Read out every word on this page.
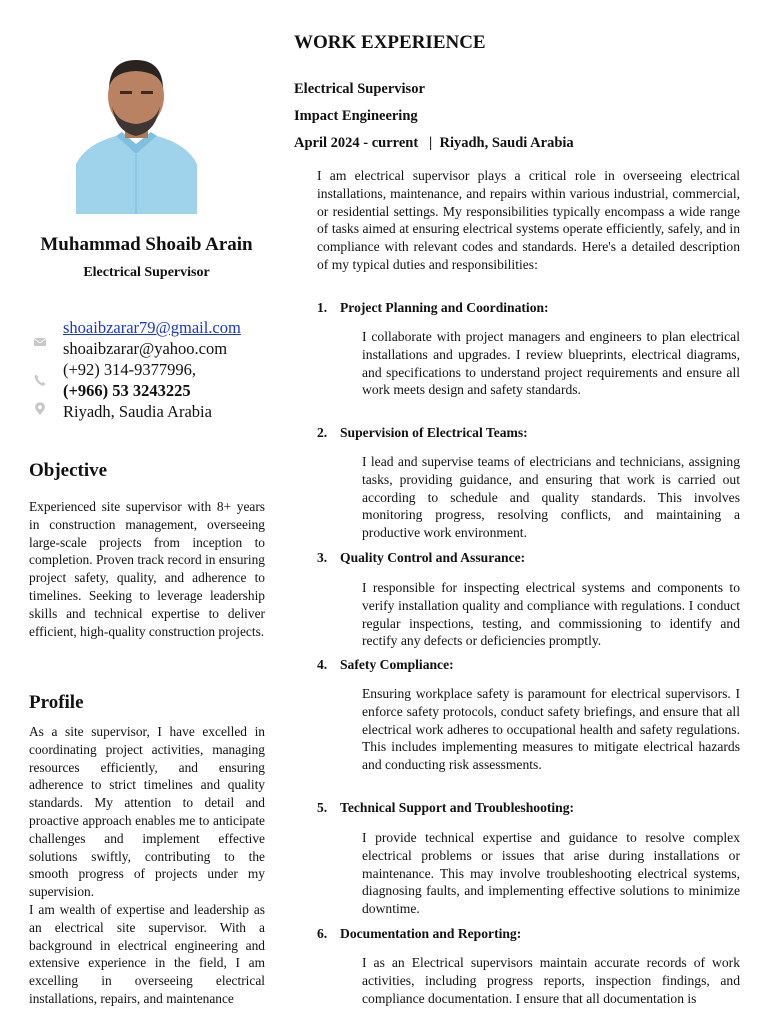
Muhammad Shoaib Arain
Electrical Supervisor
shoaibzarar79@gmail.com
shoaibzarar@yahoo.com
(+92) 314-9377996,
(+966) 53 3243225
Riyadh, Saudia Arabia
Objective
Experienced site supervisor with 8+ years in construction management, overseeing large-scale projects from inception to completion. Proven track record in ensuring project safety, quality, and adherence to timelines. Seeking to leverage leadership skills and technical expertise to deliver efficient, high-quality construction projects.
Profile
As a site supervisor, I have excelled in coordinating project activities, managing resources efficiently, and ensuring adherence to strict timelines and quality standards. My attention to detail and proactive approach enables me to anticipate challenges and implement effective solutions swiftly, contributing to the smooth progress of projects under my supervision.
I am wealth of expertise and leadership as an electrical site supervisor. With a background in electrical engineering and extensive experience in the field, I am excelling in overseeing electrical installations, repairs, and maintenance
WORK EXPERIENCE
Electrical Supervisor
Impact Engineering
April 2024 - current   |  Riyadh, Saudi Arabia
I am electrical supervisor plays a critical role in overseeing electrical installations, maintenance, and repairs within various industrial, commercial, or residential settings. My responsibilities typically encompass a wide range of tasks aimed at ensuring electrical systems operate efficiently, safely, and in compliance with relevant codes and standards. Here's a detailed description of my typical duties and responsibilities:
1. Project Planning and Coordination:
I collaborate with project managers and engineers to plan electrical installations and upgrades. I review blueprints, electrical diagrams, and specifications to understand project requirements and ensure all work meets design and safety standards.
2. Supervision of Electrical Teams:
I lead and supervise teams of electricians and technicians, assigning tasks, providing guidance, and ensuring that work is carried out according to schedule and quality standards. This involves monitoring progress, resolving conflicts, and maintaining a productive work environment.
3. Quality Control and Assurance:
I responsible for inspecting electrical systems and components to verify installation quality and compliance with regulations. I conduct regular inspections, testing, and commissioning to identify and rectify any defects or deficiencies promptly.
4. Safety Compliance:
Ensuring workplace safety is paramount for electrical supervisors. I enforce safety protocols, conduct safety briefings, and ensure that all electrical work adheres to occupational health and safety regulations. This includes implementing measures to mitigate electrical hazards and conducting risk assessments.
5. Technical Support and Troubleshooting:
I provide technical expertise and guidance to resolve complex electrical problems or issues that arise during installations or maintenance. This may involve troubleshooting electrical systems, diagnosing faults, and implementing effective solutions to minimize downtime.
6. Documentation and Reporting:
I as an Electrical supervisors maintain accurate records of work activities, including progress reports, inspection findings, and compliance documentation. I ensure that all documentation is
